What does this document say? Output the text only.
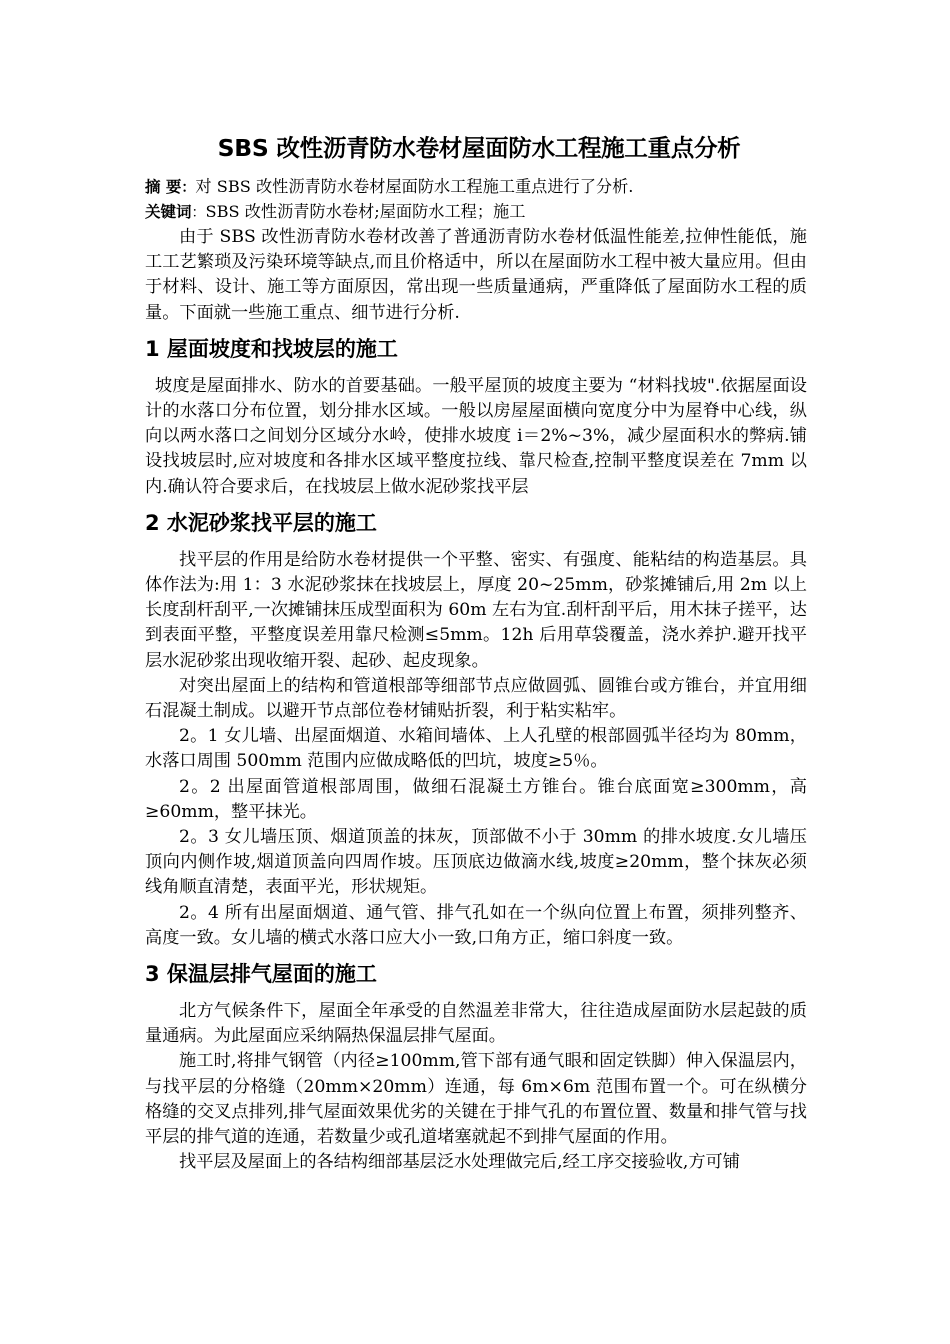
SBS 改性沥青防水卷材屋面防水工程施工重点分析
摘 要：对 SBS 改性沥青防水卷材屋面防水工程施工重点进行了分析.
关键词：SBS 改性沥青防水卷材;屋面防水工程；施工

由于 SBS 改性沥青防水卷材改善了普通沥青防水卷材低温性能差,拉伸性能低，施工工艺繁琐及污染环境等缺点,而且价格适中，所以在屋面防水工程中被大量应用。但由于材料、设计、施工等方面原因，常出现一些质量通病，严重降低了屋面防水工程的质量。下面就一些施工重点、细节进行分析.

1 屋面坡度和找坡层的施工

坡度是屋面排水、防水的首要基础。一般平屋顶的坡度主要为 “材料找坡".依据屋面设计的水落口分布位置，划分排水区域。一般以房屋屋面横向宽度分中为屋脊中心线，纵向以两水落口之间划分区域分水岭，使排水坡度 i＝2%~3%，减少屋面积水的弊病.铺设找坡层时,应对坡度和各排水区域平整度拉线、靠尺检查,控制平整度误差在 7mm 以内.确认符合要求后，在找坡层上做水泥砂浆找平层

2 水泥砂浆找平层的施工

找平层的作用是给防水卷材提供一个平整、密实、有强度、能粘结的构造基层。具体作法为:用 1：3 水泥砂浆抹在找坡层上，厚度 20~25mm，砂浆摊铺后,用 2m 以上长度刮杆刮平,一次摊铺抹压成型面积为 60m 左右为宜.刮杆刮平后，用木抹子搓平，达到表面平整，平整度误差用靠尺检测≤5mm。12h 后用草袋覆盖，浇水养护.避开找平层水泥砂浆出现收缩开裂、起砂、起皮现象。

对突出屋面上的结构和管道根部等细部节点应做圆弧、圆锥台或方锥台，并宜用细石混凝土制成。以避开节点部位卷材铺贴折裂，利于粘实粘牢。

2。1 女儿墙、出屋面烟道、水箱间墙体、上人孔壁的根部圆弧半径均为 80mm，水落口周围 500mm 范围内应做成略低的凹坑，坡度≥5％。

2。2 出屋面管道根部周围，做细石混凝土方锥台。锥台底面宽≥300mm，高≥60mm，整平抹光。

2。3 女儿墙压顶、烟道顶盖的抹灰，顶部做不小于 30mm 的排水坡度.女儿墙压顶向内侧作坡,烟道顶盖向四周作坡。压顶底边做滴水线,坡度≥20mm，整个抹灰必须线角顺直清楚，表面平光，形状规矩。

2。4 所有出屋面烟道、通气管、排气孔如在一个纵向位置上布置，须排列整齐、高度一致。女儿墙的横式水落口应大小一致,口角方正，缩口斜度一致。

3 保温层排气屋面的施工

北方气候条件下，屋面全年承受的自然温差非常大，往往造成屋面防水层起鼓的质量通病。为此屋面应采纳隔热保温层排气屋面。

施工时,将排气钢管（内径≥100mm,管下部有通气眼和固定铁脚）伸入保温层内，与找平层的分格缝（20mm×20mm）连通，每 6m×6m 范围布置一个。可在纵横分格缝的交叉点排列,排气屋面效果优劣的关键在于排气孔的布置位置、数量和排气管与找平层的排气道的连通，若数量少或孔道堵塞就起不到排气屋面的作用。

找平层及屋面上的各结构细部基层泛水处理做完后,经工序交接验收,方可铺
